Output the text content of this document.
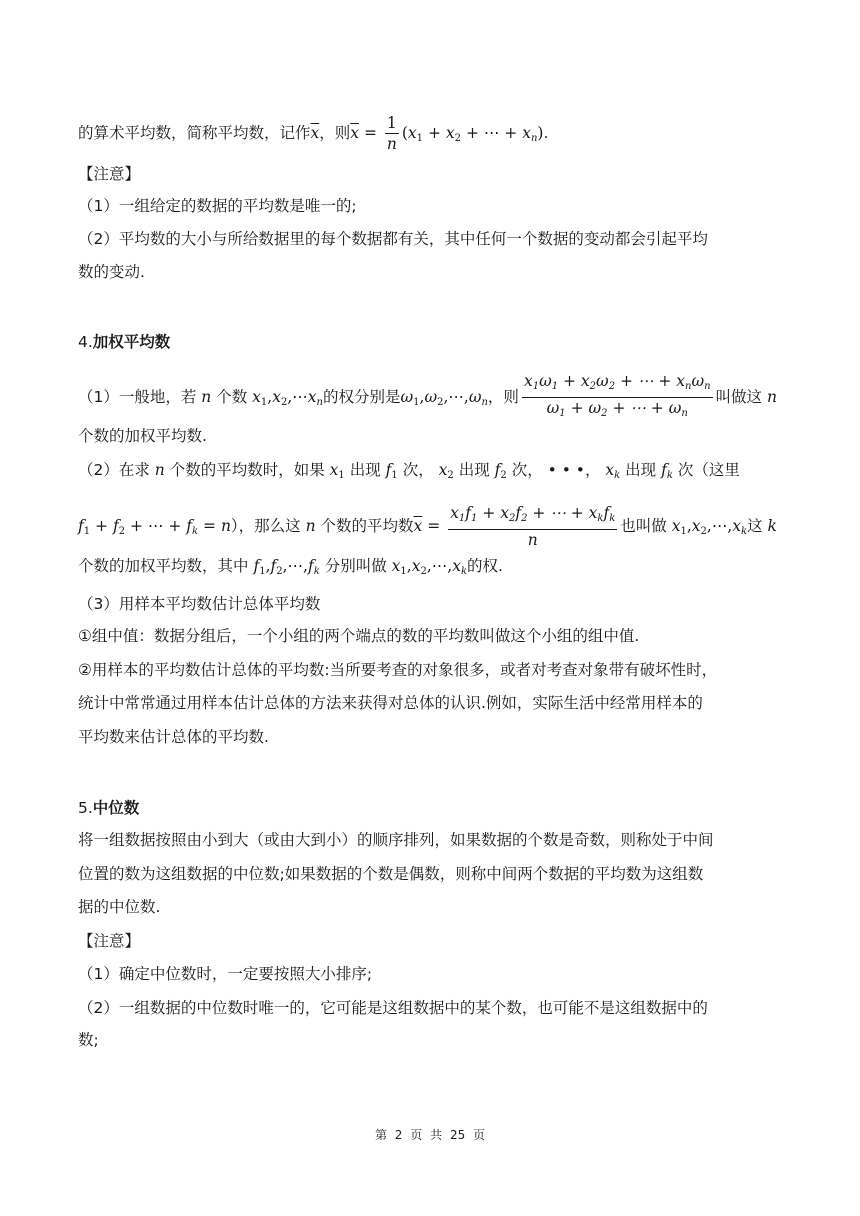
的算术平均数，简称平均数，记作$\overline{x}$，则$\overline{x} = \frac{1}{n} (x_1 + x_2$ + ⋯ + $x_n$).
【注意】
（1）一组给定的数据的平均数是唯一的;
（2）平均数的大小与所给数据里的每个数据都有关，其中任何一个数据的变动都会引起平均
数的变动.
4.加权平均数
（1）一般地，若 n 个数 $x_1,x_2,\cdots x_n$的权分别是$\omega_1,\omega_2,\cdots,\omega_n$，则 $\frac{x_1\omega_1 + x_2\omega_2 + \cdots + x_n\omega_n}{\omega_1 + \omega_2 + \cdots + \omega_n}$ 叫做这 n
个数的加权平均数.
（2）在求 n 个数的平均数时，如果 $x_1$ 出现 $f_1$ 次， $x_2$ 出现 $f_2$ 次， • • •， $x_k$ 出现 $f_k$ 次（这里
$f_1 + f_2$ + ⋯ + $f_k = n$），那么这 n 个数的平均数$\overline{x} = \frac{x_1f_1 + x_2f_2 + \cdots + x_kf_k}{n}$ 也叫做 $x_1,x_2,\cdots,x_k$这 k
个数的加权平均数，其中 $f_1,f_2,\cdots,f_k$ 分别叫做 $x_1,x_2,\cdots,x_k$的权.
（3）用样本平均数估计总体平均数
①组中值：数据分组后，一个小组的两个端点的数的平均数叫做这个小组的组中值.
②用样本的平均数估计总体的平均数:当所要考查的对象很多，或者对考查对象带有破坏性时，
统计中常常通过用样本估计总体的方法来获得对总体的认识.例如，实际生活中经常用样本的
平均数来估计总体的平均数.
5.中位数
将一组数据按照由小到大（或由大到小）的顺序排列，如果数据的个数是奇数，则称处于中间
位置的数为这组数据的中位数;如果数据的个数是偶数，则称中间两个数据的平均数为这组数
据的中位数.
【注意】
（1）确定中位数时，一定要按照大小排序;
（2）一组数据的中位数时唯一的，它可能是这组数据中的某个数，也可能不是这组数据中的
数;
第 2 页 共 25 页
